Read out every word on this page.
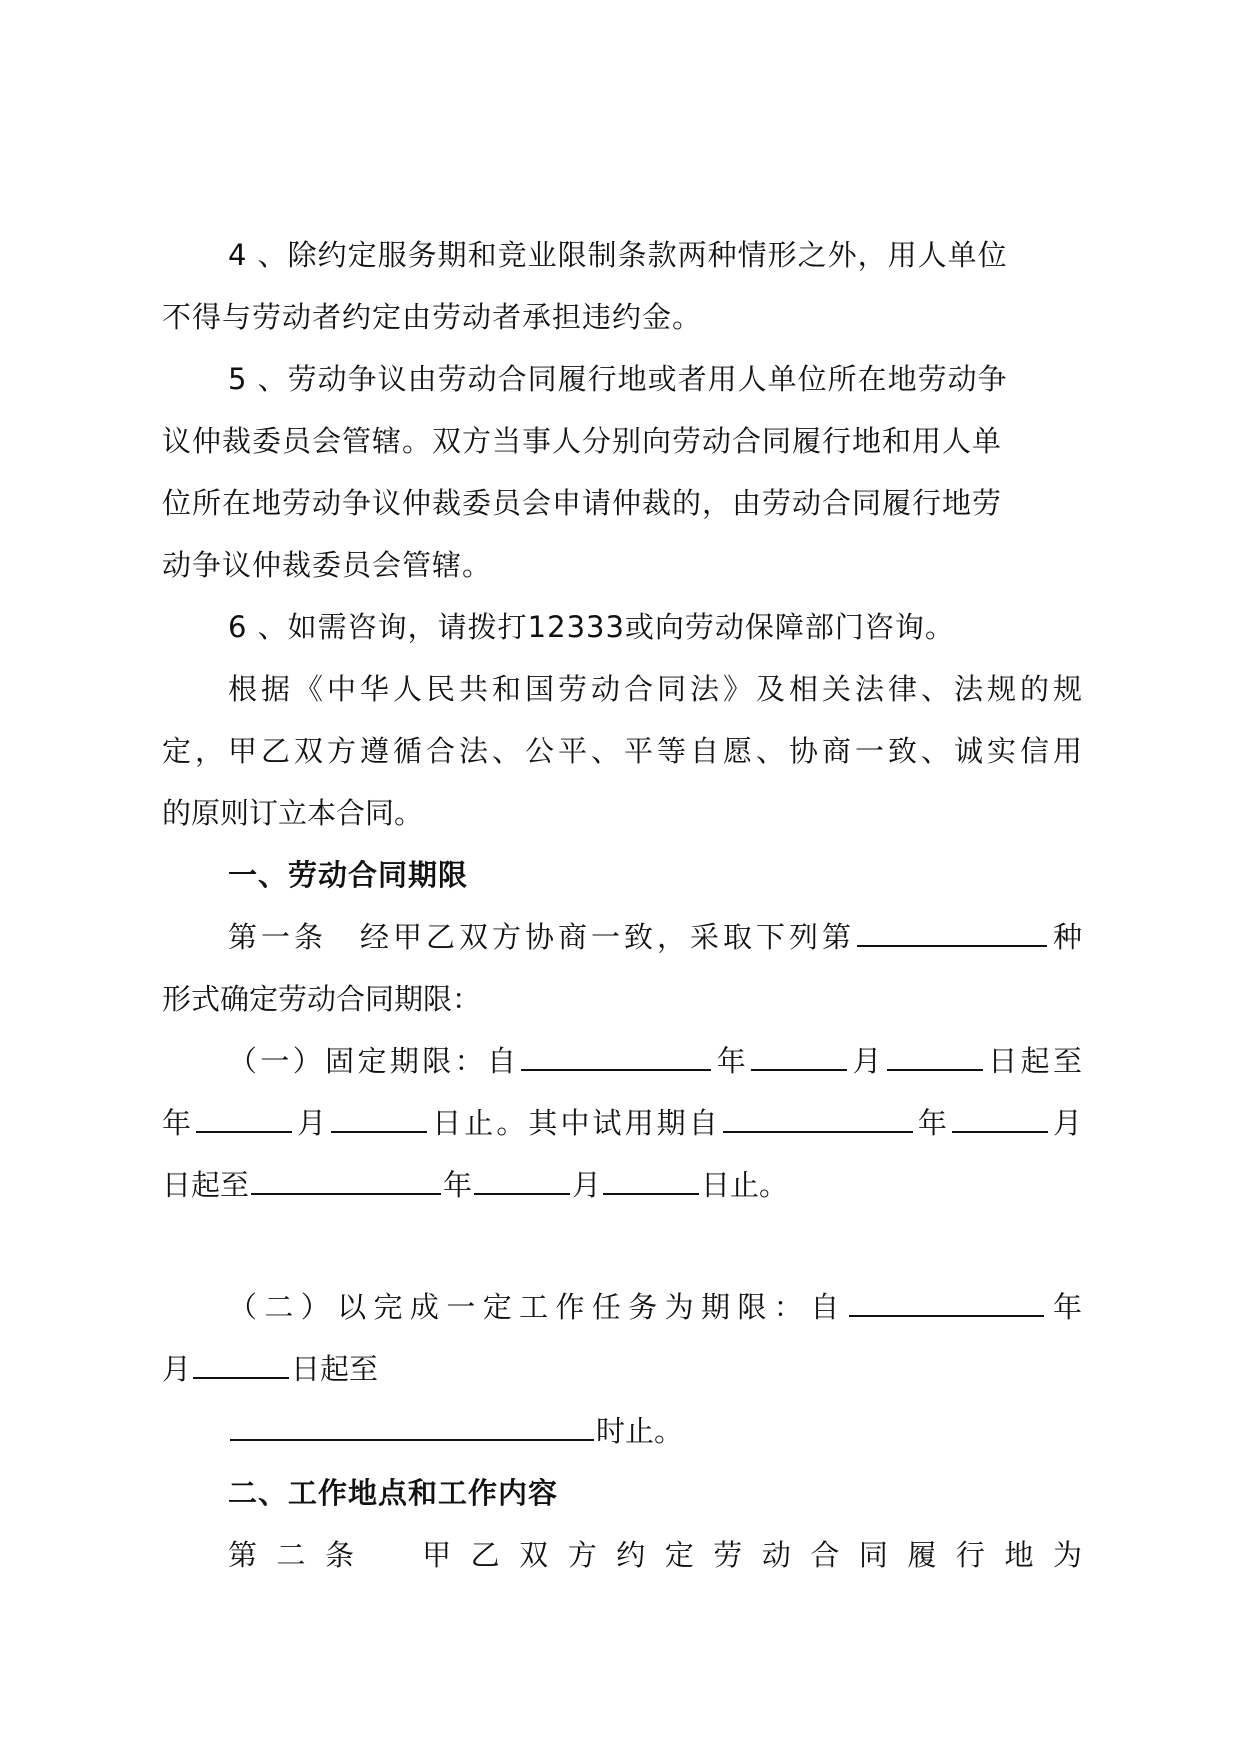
4 、除约定服务期和竞业限制条款两种情形之外，用人单位
不得与劳动者约定由劳动者承担违约金。
5 、劳动争议由劳动合同履行地或者用人单位所在地劳动争
议仲裁委员会管辖。双方当事人分别向劳动合同履行地和用人单
位所在地劳动争议仲裁委员会申请仲裁的，由劳动合同履行地劳
动争议仲裁委员会管辖。
6 、如需咨询，请拨打12333或向劳动保障部门咨询。
根据《中华人民共和国劳动合同法》及相关法律、法规的规
定，甲乙双方遵循合法、公平、平等自愿、协商一致、诚实信用
的原则订立本合同。
一、劳动合同期限
第一条　经甲乙双方协商一致，采取下列第	种
形式确定劳动合同期限：
（一）固定期限：自	年	月	日起至
年	月	日止。其中试用期自	年	月
日起至	年	月	日止。
（二）以完成一定工作任务为期限：自	年
月	日起至
时止。
二、工作地点和工作内容
第二条　甲乙双方约定劳动合同履行地为
